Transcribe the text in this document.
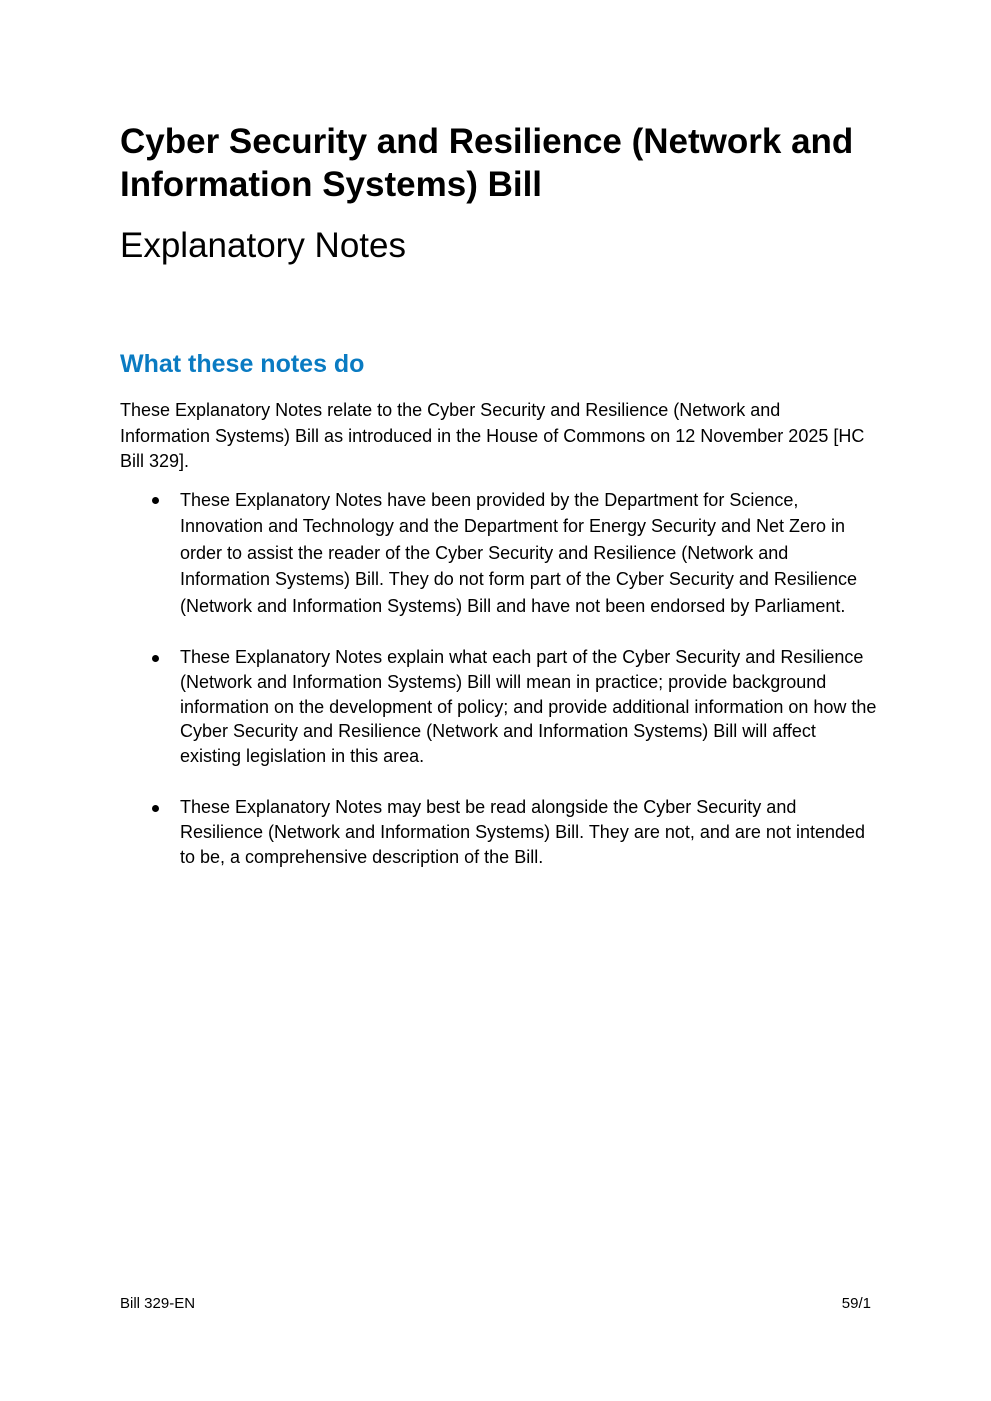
Cyber Security and Resilience (Network and Information Systems) Bill
Explanatory Notes
What these notes do

These Explanatory Notes relate to the Cyber Security and Resilience (Network and Information Systems) Bill as introduced in the House of Commons on 12 November 2025 [HC Bill 329].

These Explanatory Notes have been provided by the Department for Science, Innovation and Technology and the Department for Energy Security and Net Zero in order to assist the reader of the Cyber Security and Resilience (Network and Information Systems) Bill. They do not form part of the Cyber Security and Resilience (Network and Information Systems) Bill and have not been endorsed by Parliament.
These Explanatory Notes explain what each part of the Cyber Security and Resilience (Network and Information Systems) Bill will mean in practice; provide background information on the development of policy; and provide additional information on how the Cyber Security and Resilience (Network and Information Systems) Bill will affect existing legislation in this area.
These Explanatory Notes may best be read alongside the Cyber Security and Resilience (Network and Information Systems) Bill. They are not, and are not intended to be, a comprehensive description of the Bill.
Bill 329-EN	59/1
